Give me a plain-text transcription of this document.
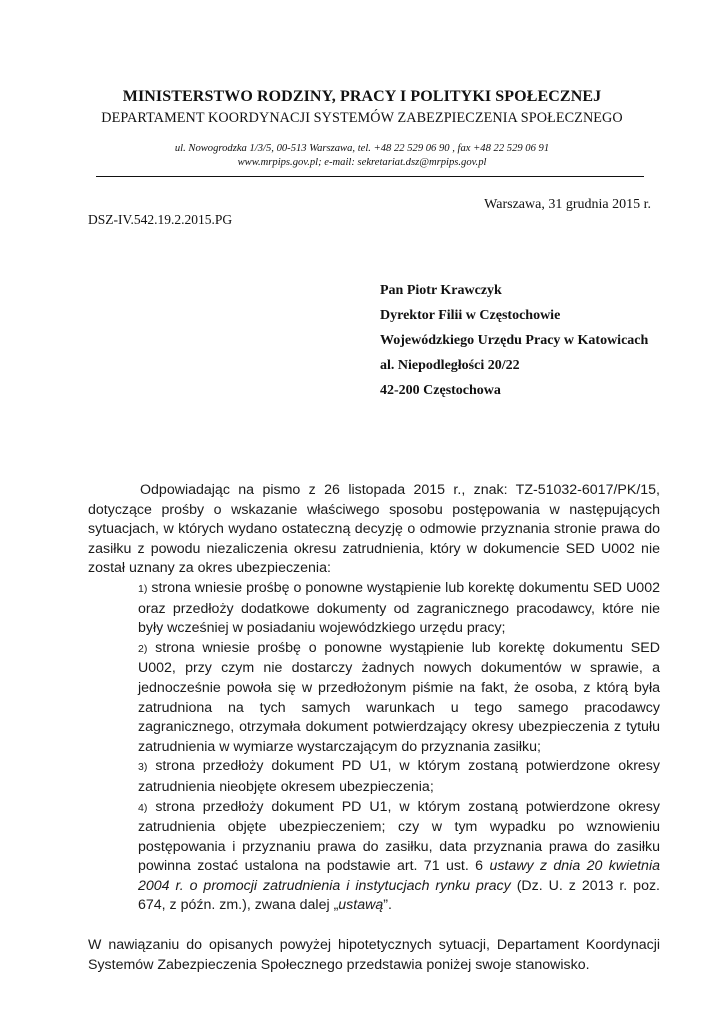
MINISTERSTWO RODZINY, PRACY I POLITYKI SPOŁECZNEJ
DEPARTAMENT KOORDYNACJI SYSTEMÓW ZABEZPIECZENIA SPOŁECZNEGO
ul. Nowogrodzka 1/3/5, 00-513 Warszawa, tel. +48 22 529 06 90 , fax +48 22 529 06 91
www.mrpips.gov.pl; e-mail: sekretariat.dsz@mrpips.gov.pl
Warszawa, 31 grudnia 2015 r.
DSZ-IV.542.19.2.2015.PG
Pan Piotr Krawczyk
Dyrektor Filii w Częstochowie
Wojewódzkiego Urzędu Pracy w Katowicach
al. Niepodległości 20/22
42-200 Częstochowa

Odpowiadając na pismo z 26 listopada 2015 r., znak: TZ-51032-6017/PK/15, dotyczące prośby o wskazanie właściwego sposobu postępowania w następujących sytuacjach, w których wydano ostateczną decyzję o odmowie przyznania stronie prawa do zasiłku z powodu niezaliczenia okresu zatrudnienia, który w dokumencie SED U002 nie został uznany za okres ubezpieczenia:

1) strona wniesie prośbę o ponowne wystąpienie lub korektę dokumentu SED U002 oraz przedłoży dodatkowe dokumenty od zagranicznego pracodawcy, które nie były wcześniej w posiadaniu wojewódzkiego urzędu pracy;

2) strona wniesie prośbę o ponowne wystąpienie lub korektę dokumentu SED U002, przy czym nie dostarczy żadnych nowych dokumentów w sprawie, a jednocześnie powoła się w przedłożonym piśmie na fakt, że osoba, z którą była zatrudniona na tych samych warunkach u tego samego pracodawcy zagranicznego, otrzymała dokument potwierdzający okresy ubezpieczenia z tytułu zatrudnienia w wymiarze wystarczającym do przyznania zasiłku;

3) strona przedłoży dokument PD U1, w którym zostaną potwierdzone okresy zatrudnienia nieobjęte okresem ubezpieczenia;

4) strona przedłoży dokument PD U1, w którym zostaną potwierdzone okresy zatrudnienia objęte ubezpieczeniem; czy w tym wypadku po wznowieniu postępowania i przyznaniu prawa do zasiłku, data przyznania prawa do zasiłku powinna zostać ustalona na podstawie art. 71 ust. 6 ustawy z dnia 20 kwietnia 2004 r. o promocji zatrudnienia i instytucjach rynku pracy (Dz. U. z 2013 r. poz. 674, z późn. zm.), zwana dalej „ustawą”.

W nawiązaniu do opisanych powyżej hipotetycznych sytuacji, Departament Koordynacji Systemów Zabezpieczenia Społecznego przedstawia poniżej swoje stanowisko.
